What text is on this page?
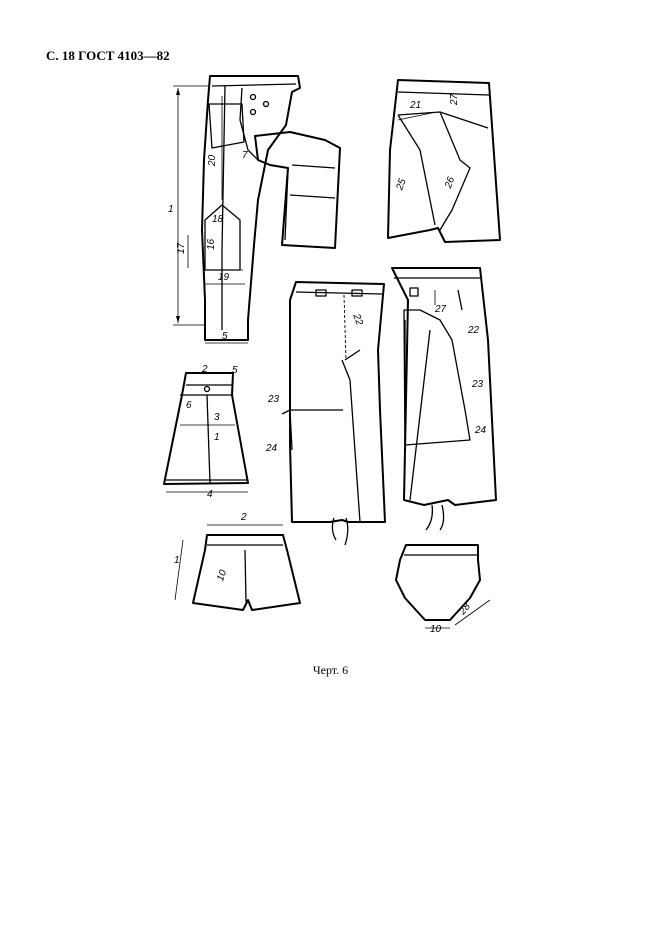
С. 18 ГОСТ 4103—82
1
17
20 7
18
16
19
5
21
27
25	26
2 5
6
3
1
4
22
23
24
27
22
23
24
2
1
10
10
28
Черт. 6
